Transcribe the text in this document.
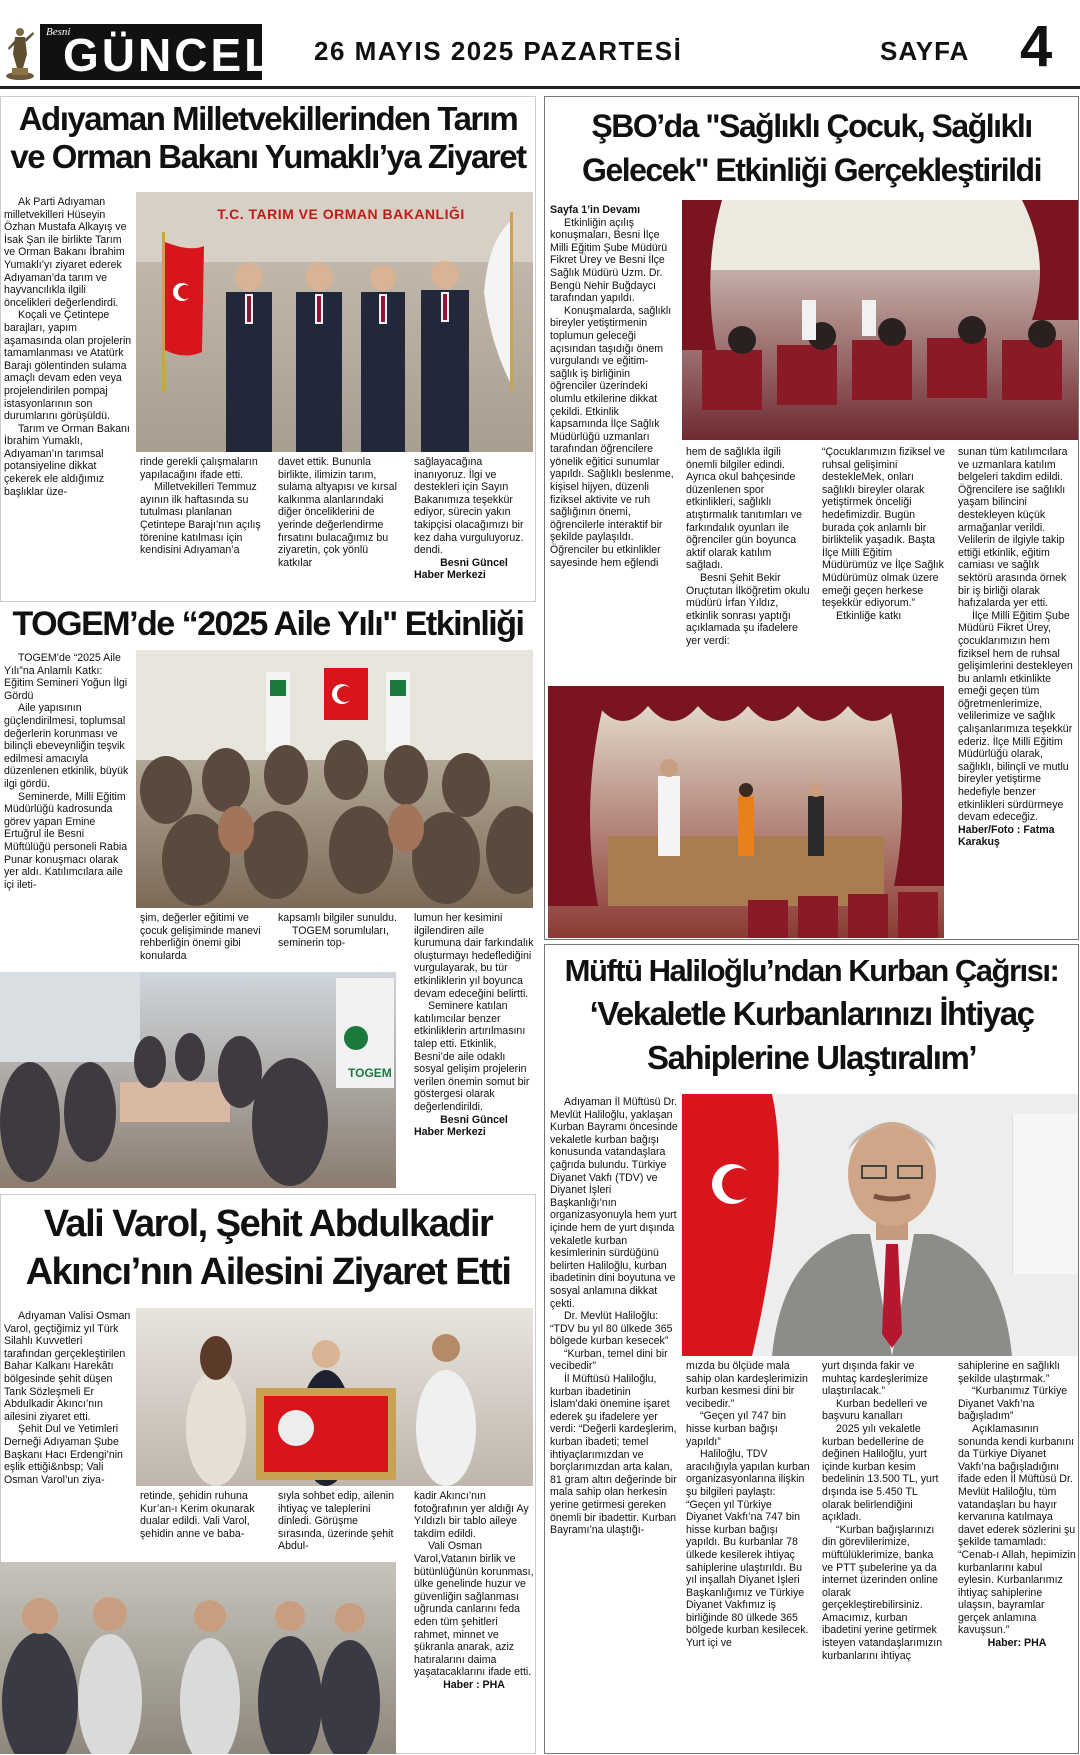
Besni
GÜNCEL 26 MAYIS 2025 PAZARTESİ	SAYFA 4
Adıyaman Milletvekillerinden Tarım ve Orman Bakanı Yumaklı’ya Ziyaret
T.C. TARIM VE ORMAN BAKANLIĞI

Ak Parti Adıyaman milletvekilleri Hüseyin Özhan Mustafa Alkayış ve İsak Şan ile birlikte Tarım ve Orman Bakanı İbrahim Yumaklı’yı ziyaret ederek Adıyaman’da tarım ve hayvancılıkla ilgili öncelikleri değerlendirdi.

Koçali ve Çetintepe barajları, yapım aşamasında olan projelerin tamamlanması ve Atatürk Barajı gölentinden sulama amaçlı devam eden veya projelendirilen pompaj istasyonlarının son durumlarını görüşüldü.

Tarım ve Orman Bakanı İbrahim Yumaklı, Adıyaman’ın tarımsal potansiyeline dikkat çekerek ele aldığımız başlıklar üze-

rinde gerekli çalışmaların yapılacağını ifade etti.

Milletvekilleri Temmuz ayının ilk haftasında su tutulması planlanan Çetintepe Barajı’nın açılış törenine katılması için kendisini Adıyaman’a

davet ettik. Bununla birlikte, ilimizin tarım, sulama altyapısı ve kırsal kalkınma alanlarındaki diğer önceliklerini de yerinde değerlendirme fırsatını bulacağımız bu ziyaretin, çok yönlü katkılar

sağlayacağına inanıyoruz. İlgi ve destekleri için Sayın Bakanımıza teşekkür ediyor, sürecin yakın takipçisi olacağımızı bir kez daha vurguluyoruz. dendi.

Besni Güncel

Haber Merkezi

TOGEM’de “2025 Aile Yılı" Etkinliği
TOGEM

TOGEM’de “2025 Aile Yılı”na Anlamlı Katkı: Eğitim Semineri Yoğun İlgi Gördü

Aile yapısının güçlendirilmesi, toplumsal değerlerin korunması ve bilinçli ebeveynliğin teşvik edilmesi amacıyla düzenlenen etkinlik, büyük ilgi gördü.

Seminerde, Milli Eğitim Müdürlüğü kadrosunda görev yapan Emine Ertuğrul ile Besni Müftülüğü personeli Rabia Punar konuşmacı olarak yer aldı. Katılımcılara aile içi ileti-

şim, değerler eğitimi ve çocuk gelişiminde manevi rehberliğin önemi gibi konularda

kapsamlı bilgiler sunuldu.

TOGEM sorumluları, seminerin top-

lumun her kesimini ilgilendiren aile kurumuna dair farkındalık oluşturmayı hedeflediğini vurgulayarak, bu tür etkinliklerin yıl boyunca devam edeceğini belirtti.

Seminere katılan katılımcılar benzer etkinliklerin artırılmasını talep etti. Etkinlik, Besni’de aile odaklı sosyal gelişim projelerin verilen önemin somut bir göstergesi olarak değerlendirildi.

Besni Güncel

Haber Merkezi

Vali Varol, Şehit Abdulkadir Akıncı’nın Ailesini Ziyaret Etti

Adıyaman Valisi Osman Varol, geçtiğimiz yıl Türk Silahlı Kuvvetleri tarafından gerçekleştirilen Bahar Kalkanı Harekâtı bölgesinde şehit düşen Tank Sözleşmeli Er Abdulkadir Akıncı’nın ailesini ziyaret etti.

Şehit Dul ve Yetimleri Derneği Adıyaman Şube Başkanı Hacı Erdengi’nin eşlik ettiği&nbsp; Vali Osman Varol’un ziya-

retinde, şehidin ruhuna Kur’an-ı Kerim okunarak dualar edildi. Vali Varol, şehidin anne ve baba-

sıyla sohbet edip, ailenin ihtiyaç ve taleplerini dinledi. Görüşme sırasında, üzerinde şehit Abdul-

kadir Akıncı’nın fotoğrafının yer aldığı Ay Yıldızlı bir tablo aileye takdim edildi.

Vali Osman Varol,Vatanın birlik ve bütünlüğünün korunması, ülke genelinde huzur ve güvenliğin sağlanması uğrunda canlarını feda eden tüm şehitleri rahmet, minnet ve şükranla anarak, aziz hatıralarını daima yaşatacaklarını ifade etti.

Haber : PHA

ŞBO’da "Sağlıklı Çocuk, Sağlıklı Gelecek" Etkinliği Gerçekleştirildi

Sayfa 1’in Devamı

Etkinliğin açılış konuşmaları, Besni İlçe Milli Eğitim Şube Müdürü Fikret Ürey ve Besni İlçe Sağlık Müdürü Uzm. Dr. Bengü Nehir Buğdaycı tarafından yapıldı.

Konuşmalarda, sağlıklı bireyler yetiştirmenin toplumun geleceği açısından taşıdığı önem vurgulandı ve eğitim- sağlık iş birliğinin öğrenciler üzerindeki olumlu etkilerine dikkat çekildi. Etkinlik kapsamında İlçe Sağlık Müdürlüğü uzmanları tarafından öğrencilere yönelik eğitici sunumlar yapıldı. Sağlıklı beslenme, kişisel hijyen, düzenli fiziksel aktivite ve ruh sağlığının önemi, öğrencilerle interaktif bir şekilde paylaşıldı. Öğrenciler bu etkinlikler sayesinde hem eğlendi

hem de sağlıkla ilgili önemli bilgiler edindi. Ayrıca okul bahçesinde düzenlenen spor etkinlikleri, sağlıklı atıştırmalık tanıtımları ve farkındalık oyunları ile öğrenciler gün boyunca aktif olarak katılım sağladı.

Besni Şehit Bekir Oruçtutan İlköğretim okulu müdürü İrfan Yıldız, etkinlik sonrası yaptığı açıklamada şu ifadelere yer verdi:

“Çocuklarımızın fiziksel ve ruhsal gelişimini destekleMek, onları sağlıklı bireyler olarak yetiştirmek önceliği hedefimizdir. Bugün burada çok anlamlı bir birliktelik yaşadık. Başta İlçe Milli Eğitim Müdürümüz ve İlçe Sağlık Müdürümüz olmak üzere emeği geçen herkese teşekkür ediyorum.”

Etkinliğe katkı

sunan tüm katılımcılara ve uzmanlara katılım belgeleri takdim edildi. Öğrencilere ise sağlıklı yaşam bilincini destekleyen küçük armağanlar verildi. Velilerin de ilgiyle takip ettiği etkinlik, eğitim camiası ve sağlık sektörü arasında örnek bir iş birliği olarak hafızalarda yer etti.

İlçe Milli Eğitim Şube Müdürü Fikret Ürey, çocuklarımızın hem fiziksel hem de ruhsal gelişimlerini destekleyen bu anlamlı etkinlikte emeği geçen tüm öğretmenlerimize, velilerimize ve sağlık çalışanlarımıza teşekkür ederiz. İlçe Milli Eğitim Müdürlüğü olarak, sağlıklı, bilinçli ve mutlu bireyler yetiştirme hedefiyle benzer etkinlikleri sürdürmeye devam edeceğiz.

Haber/Foto : Fatma Karakuş

Müftü Haliloğlu’ndan Kurban Çağrısı:
‘Vekaletle Kurbanlarınızı İhtiyaç
Sahiplerine Ulaştıralım’

Adıyaman İl Müftüsü Dr. Mevlüt Haliloğlu, yaklaşan Kurban Bayramı öncesinde vekaletle kurban bağışı konusunda vatandaşlara çağrıda bulundu. Türkiye Diyanet Vakfı (TDV) ve Diyanet İşleri Başkanlığı’nın organizasyonuyla hem yurt içinde hem de yurt dışında vekaletle kurban kesimlerinin sürdüğünü belirten Haliloğlu, kurban ibadetinin dini boyutuna ve sosyal anlamına dikkat çekti.

Dr. Mevlüt Haliloğlu: “TDV bu yıl 80 ülkede 365 bölgede kurban kesecek”

“Kurban, temel dini bir vecibedir”

İl Müftüsü Haliloğlu, kurban ibadetinin İslam’daki önemine işaret ederek şu ifadelere yer verdi: “Değerli kardeşlerim, kurban ibadeti; temel ihtiyaçlarımızdan ve borçlarımızdan arta kalan, 81 gram altın değerinde bir mala sahip olan herkesin yerine getirmesi gereken önemli bir ibadettir. Kurban Bayramı’na ulaştığı-

mızda bu ölçüde mala sahip olan kardeşlerimizin kurban kesmesi dini bir vecibedir.”

“Geçen yıl 747 bin hisse kurban bağışı yapıldı”

Haliloğlu, TDV aracılığıyla yapılan kurban organizasyonlarına ilişkin şu bilgileri paylaştı: “Geçen yıl Türkiye Diyanet Vakfı’na 747 bin hisse kurban bağışı yapıldı. Bu kurbanlar 78 ülkede kesilerek ihtiyaç sahiplerine ulaştırıldı. Bu yıl inşallah Diyanet İşleri Başkanlığımız ve Türkiye Diyanet Vakfımız iş birliğinde 80 ülkede 365 bölgede kurban kesilecek. Yurt içi ve

yurt dışında fakir ve muhtaç kardeşlerimize ulaştırılacak.”

Kurban bedelleri ve başvuru kanalları

2025 yılı vekaletle kurban bedellerine de değinen Haliloğlu, yurt içinde kurban kesim bedelinin 13.500 TL, yurt dışında ise 5.450 TL olarak belirlendiğini açıkladı.

“Kurban bağışlarınızı din görevlilerimize, müftülüklerimize, banka ve PTT şubelerine ya da internet üzerinden online olarak gerçekleştirebilirsiniz. Amacımız, kurban ibadetini yerine getirmek isteyen vatandaşlarımızın kurbanlarını ihtiyaç

sahiplerine en sağlıklı şekilde ulaştırmak.”

“Kurbanımız Türkiye Diyanet Vakfı’na bağışladım”

Açıklamasının sonunda kendi kurbanını da Türkiye Diyanet Vakfı’na bağışladığını ifade eden İl Müftüsü Dr. Mevlüt Haliloğlu, tüm vatandaşları bu hayır kervanına katılmaya davet ederek sözlerini şu şekilde tamamladı: “Cenab-ı Allah, hepimizin kurbanlarını kabul eylesin. Kurbanlarımız ihtiyaç sahiplerine ulaşsın, bayramlar gerçek anlamına kavuşsun.”

Haber: PHA
